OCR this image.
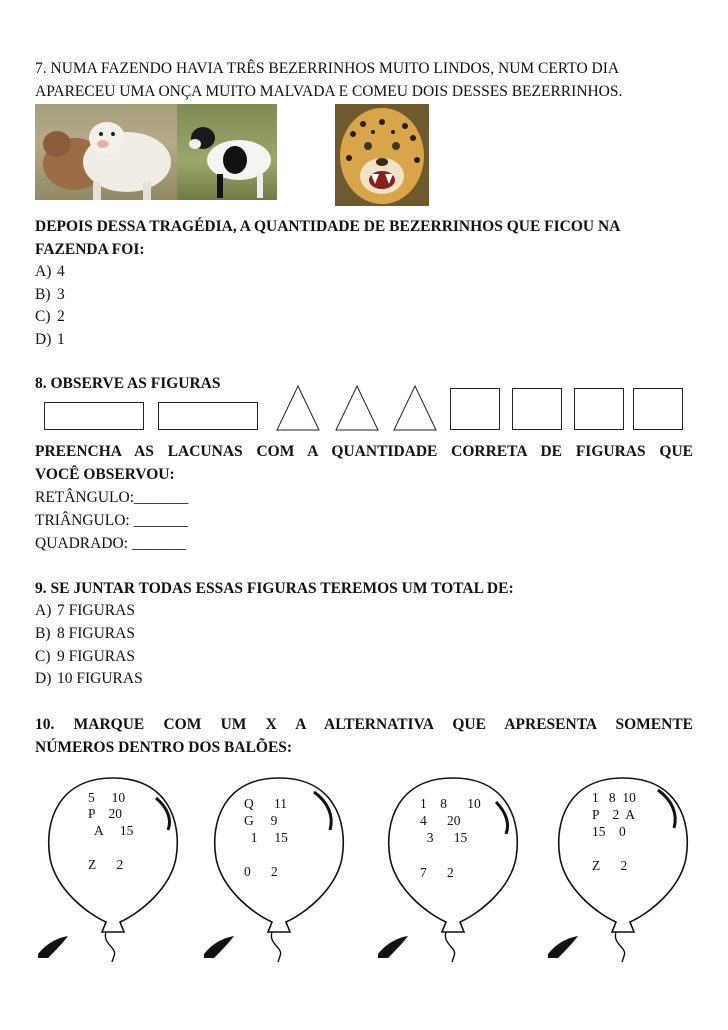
7. NUMA FAZENDO HAVIA TRÊS BEZERRINHOS MUITO LINDOS, NUM CERTO DIA
APARECEU UMA ONÇA MUITO MALVADA E COMEU DOIS DESSES BEZERRINHOS.
DEPOIS DESSA TRAGÉDIA, A QUANTIDADE DE BEZERRINHOS QUE FICOU NA
FAZENDA FOI:
A) 4
B) 3
C) 2
D) 1
8. OBSERVE AS FIGURAS
PREENCHA AS LACUNAS COM A QUANTIDADE CORRETA DE FIGURAS QUE
VOCÊ OBSERVOU:
RETÂNGULO:_______
TRIÂNGULO: _______
QUADRADO: _______
9. SE JUNTAR TODAS ESSAS FIGURAS TEREMOS UM TOTAL DE:
A) 7 FIGURAS
B) 8 FIGURAS
C) 9 FIGURAS
D) 10 FIGURAS
10. MARQUE COM UM X A ALTERNATIVA QUE APRESENTA SOMENTE
NÚMEROS DENTRO DOS BALÕES:
5     10
P    20
A     15
Z      2
Q      11
G     9
1     15
0      2
1    8      10
4      20
3      15
7      2
1   8  10
P    2  A
15    0
Z      2
